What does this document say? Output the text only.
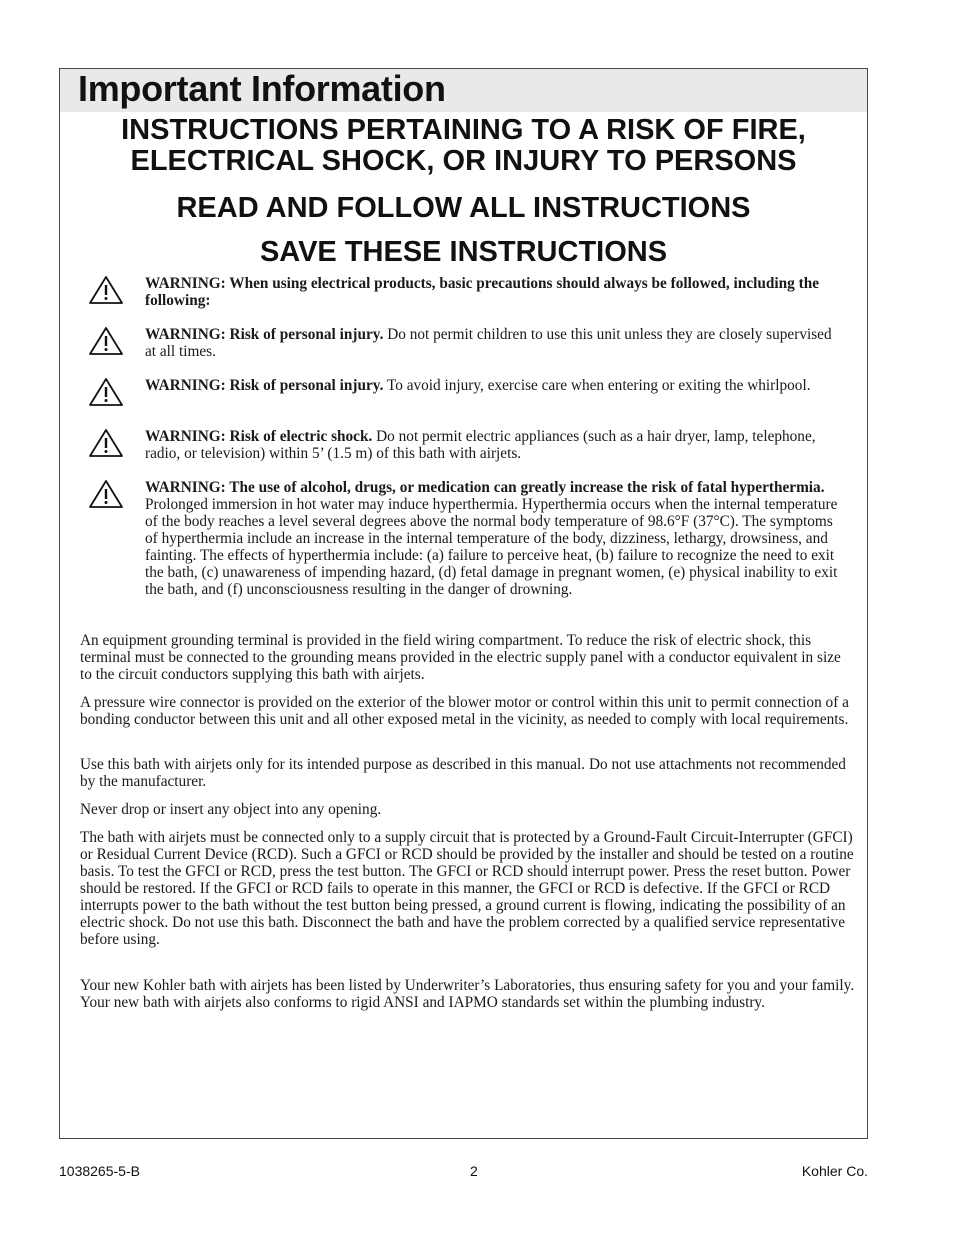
Important Information
INSTRUCTIONS PERTAINING TO A RISK OF FIRE,
ELECTRICAL SHOCK, OR INJURY TO PERSONS
READ AND FOLLOW ALL INSTRUCTIONS
SAVE THESE INSTRUCTIONS
WARNING: When using electrical products, basic precautions should always be followed, including the following:
WARNING: Risk of personal injury. Do not permit children to use this unit unless they are closely supervised at all times.
WARNING: Risk of personal injury. To avoid injury, exercise care when entering or exiting the whirlpool.
WARNING: Risk of electric shock. Do not permit electric appliances (such as a hair dryer, lamp, telephone, radio, or television) within 5’ (1.5 m) of this bath with airjets.
WARNING: The use of alcohol, drugs, or medication can greatly increase the risk of fatal hyperthermia. Prolonged immersion in hot water may induce hyperthermia. Hyperthermia occurs when the internal temperature of the body reaches a level several degrees above the normal body temperature of 98.6°F (37°C). The symptoms of hyperthermia include an increase in the internal temperature of the body, dizziness, lethargy, drowsiness, and fainting. The effects of hyperthermia include: (a) failure to perceive heat, (b) failure to recognize the need to exit the bath, (c) unawareness of impending hazard, (d) fetal damage in pregnant women, (e) physical inability to exit the bath, and (f) unconsciousness resulting in the danger of drowning.

An equipment grounding terminal is provided in the field wiring compartment. To reduce the risk of electric shock, this terminal must be connected to the grounding means provided in the electric supply panel with a conductor equivalent in size to the circuit conductors supplying this bath with airjets.

A pressure wire connector is provided on the exterior of the blower motor or control within this unit to permit connection of a bonding conductor between this unit and all other exposed metal in the vicinity, as needed to comply with local requirements.

Use this bath with airjets only for its intended purpose as described in this manual. Do not use attachments not recommended by the manufacturer.

Never drop or insert any object into any opening.

The bath with airjets must be connected only to a supply circuit that is protected by a Ground-Fault Circuit-Interrupter (GFCI) or Residual Current Device (RCD). Such a GFCI or RCD should be provided by the installer and should be tested on a routine basis. To test the GFCI or RCD, press the test button. The GFCI or RCD should interrupt power. Press the reset button. Power should be restored. If the GFCI or RCD fails to operate in this manner, the GFCI or RCD is defective. If the GFCI or RCD interrupts power to the bath without the test button being pressed, a ground current is flowing, indicating the possibility of an electric shock. Do not use this bath. Disconnect the bath and have the problem corrected by a qualified service representative before using.

Your new Kohler bath with airjets has been listed by Underwriter’s Laboratories, thus ensuring safety for you and your family. Your new bath with airjets also conforms to rigid ANSI and IAPMO standards set within the plumbing industry.

1038265-5-B	2	Kohler Co.
